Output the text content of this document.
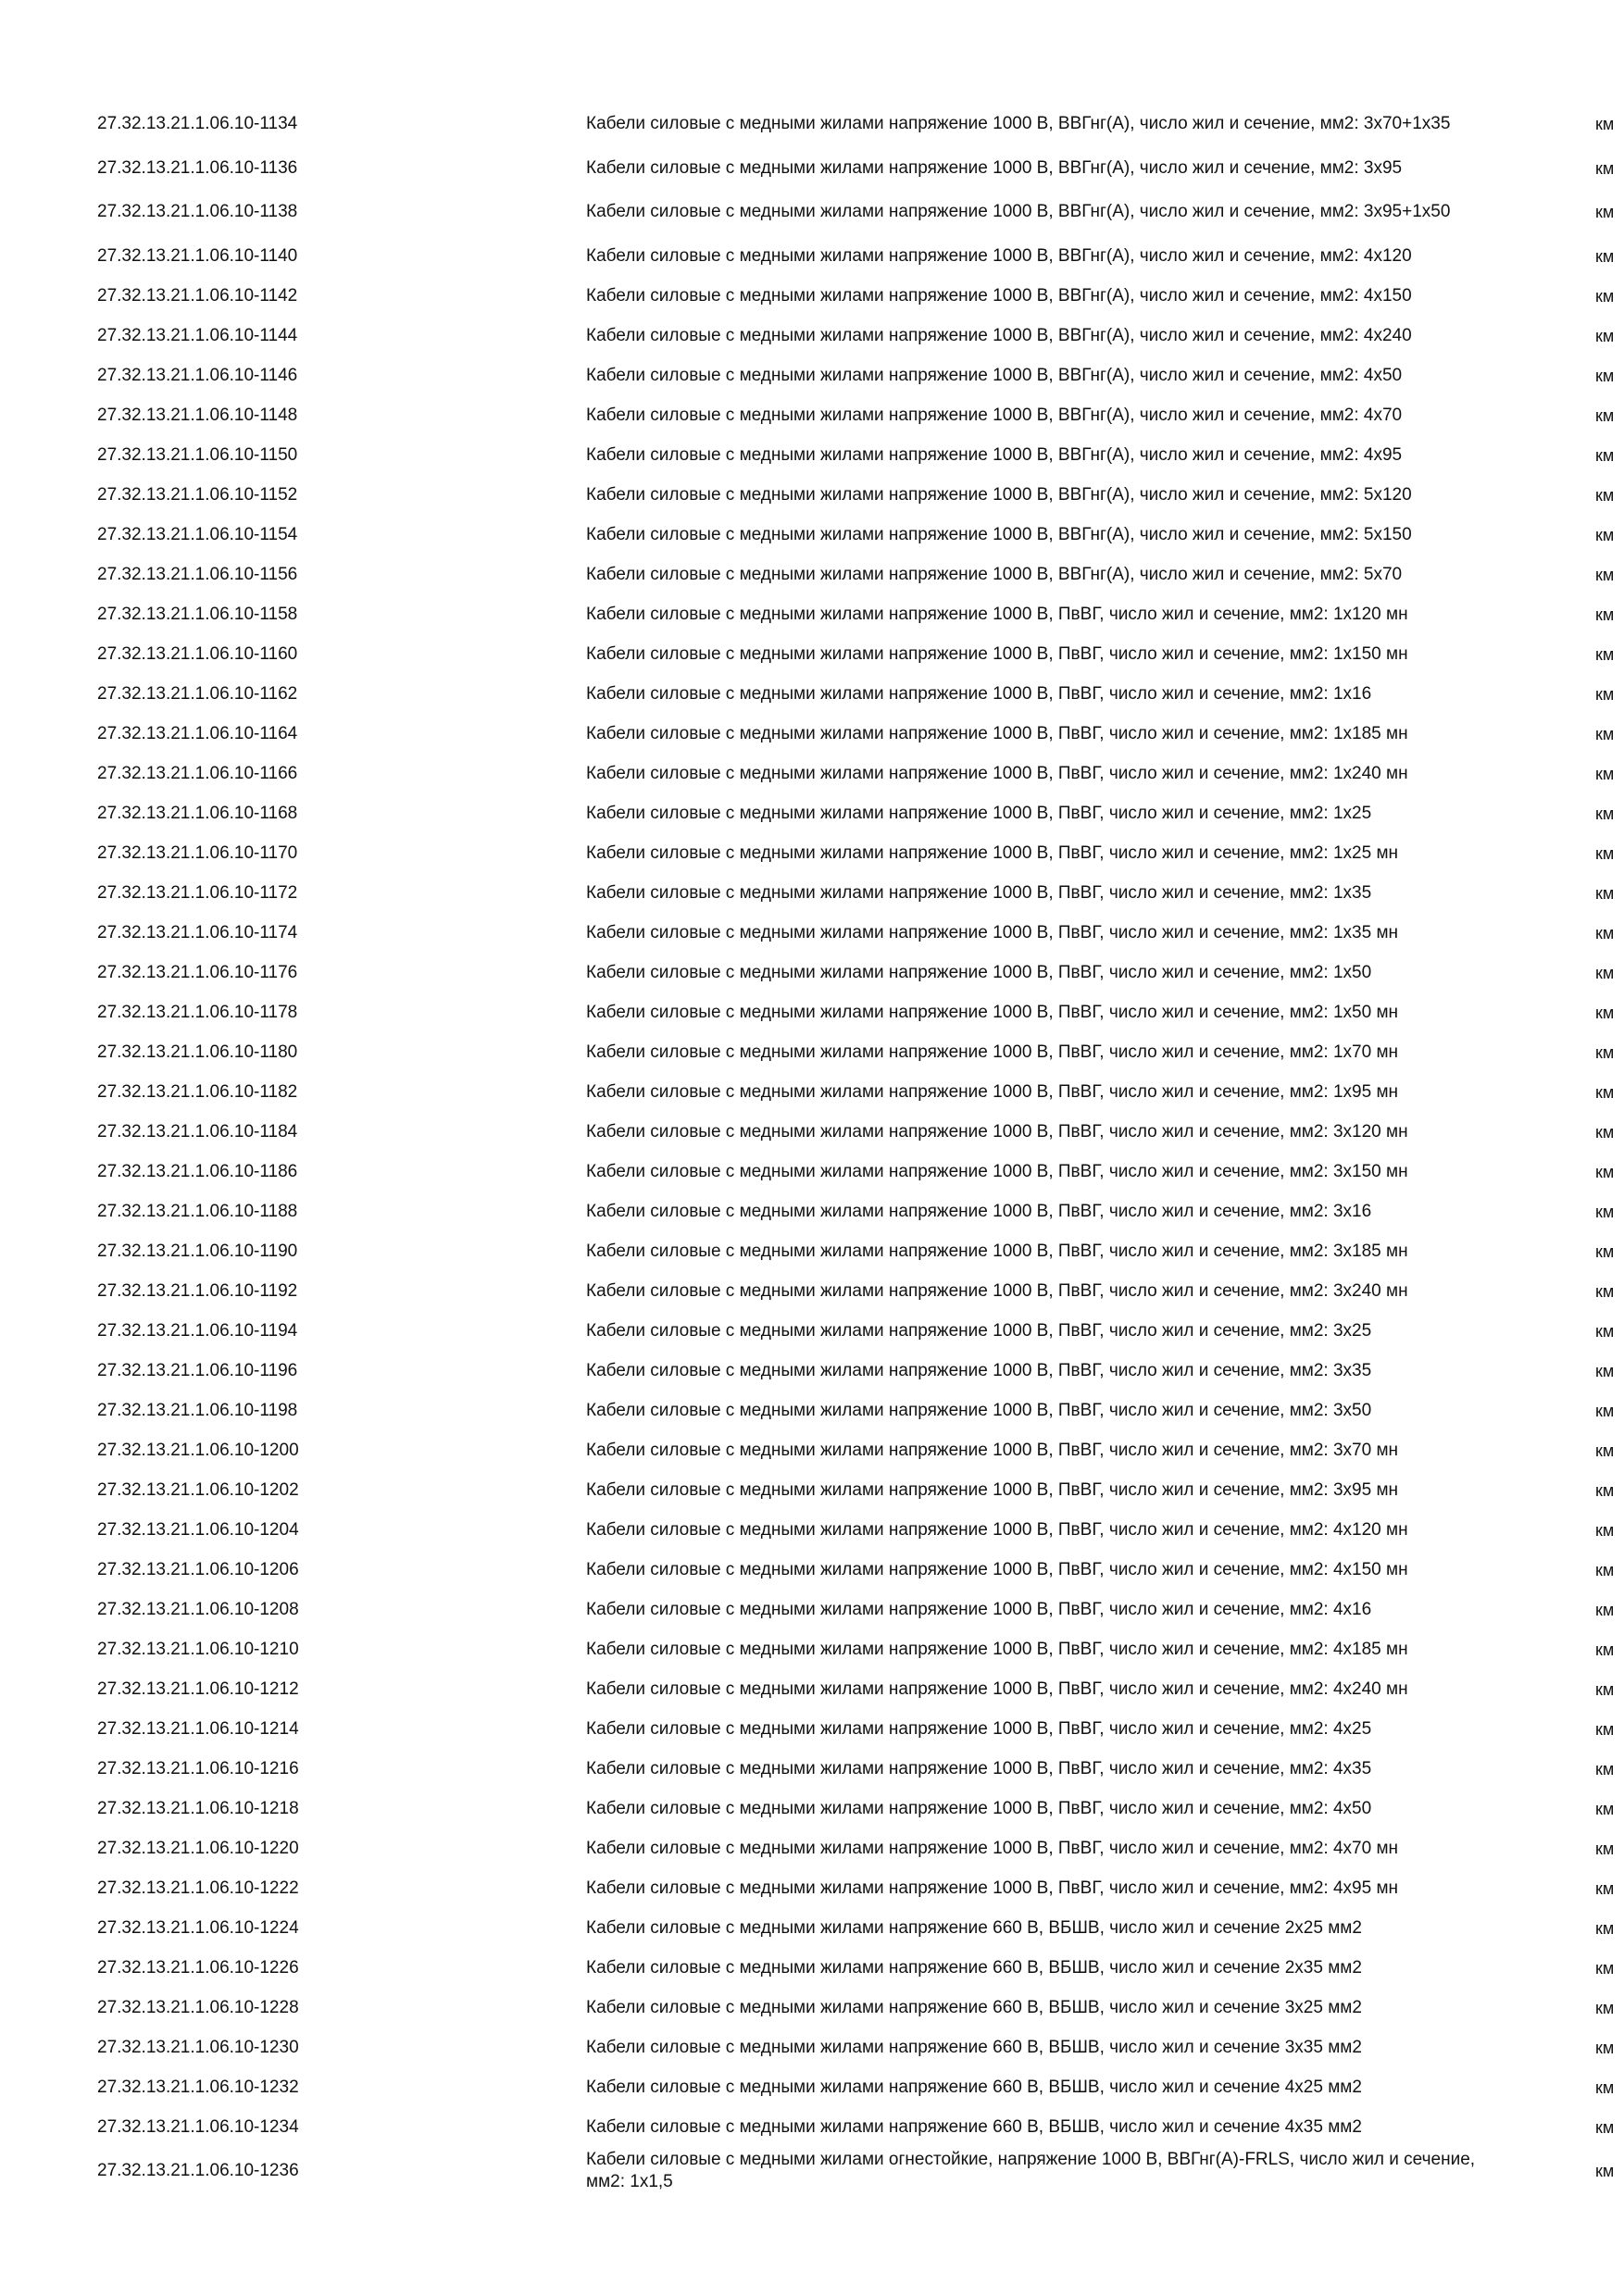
27.32.13.21.1.06.10-1134	Кабели силовые с медными жилами напряжение 1000 В, ВВГнг(А), число жил и сечение, мм2: 3х70+1х35	км
27.32.13.21.1.06.10-1136	Кабели силовые с медными жилами напряжение 1000 В, ВВГнг(А), число жил и сечение, мм2: 3х95	км
27.32.13.21.1.06.10-1138	Кабели силовые с медными жилами напряжение 1000 В, ВВГнг(А), число жил и сечение, мм2: 3х95+1х50	км
27.32.13.21.1.06.10-1140	Кабели силовые с медными жилами напряжение 1000 В, ВВГнг(А), число жил и сечение, мм2: 4х120	км
27.32.13.21.1.06.10-1142	Кабели силовые с медными жилами напряжение 1000 В, ВВГнг(А), число жил и сечение, мм2: 4х150	км
27.32.13.21.1.06.10-1144	Кабели силовые с медными жилами напряжение 1000 В, ВВГнг(А), число жил и сечение, мм2: 4х240	км
27.32.13.21.1.06.10-1146	Кабели силовые с медными жилами напряжение 1000 В, ВВГнг(А), число жил и сечение, мм2: 4х50	км
27.32.13.21.1.06.10-1148	Кабели силовые с медными жилами напряжение 1000 В, ВВГнг(А), число жил и сечение, мм2: 4х70	км
27.32.13.21.1.06.10-1150	Кабели силовые с медными жилами напряжение 1000 В, ВВГнг(А), число жил и сечение, мм2: 4х95	км
27.32.13.21.1.06.10-1152	Кабели силовые с медными жилами напряжение 1000 В, ВВГнг(А), число жил и сечение, мм2: 5х120	км
27.32.13.21.1.06.10-1154	Кабели силовые с медными жилами напряжение 1000 В, ВВГнг(А), число жил и сечение, мм2: 5х150	км
27.32.13.21.1.06.10-1156	Кабели силовые с медными жилами напряжение 1000 В, ВВГнг(А), число жил и сечение, мм2: 5х70	км
27.32.13.21.1.06.10-1158	Кабели силовые с медными жилами напряжение 1000 В, ПвВГ, число жил и сечение, мм2: 1х120 мн	км
27.32.13.21.1.06.10-1160	Кабели силовые с медными жилами напряжение 1000 В, ПвВГ, число жил и сечение, мм2: 1х150 мн	км
27.32.13.21.1.06.10-1162	Кабели силовые с медными жилами напряжение 1000 В, ПвВГ, число жил и сечение, мм2: 1х16	км
27.32.13.21.1.06.10-1164	Кабели силовые с медными жилами напряжение 1000 В, ПвВГ, число жил и сечение, мм2: 1х185 мн	км
27.32.13.21.1.06.10-1166	Кабели силовые с медными жилами напряжение 1000 В, ПвВГ, число жил и сечение, мм2: 1х240 мн	км
27.32.13.21.1.06.10-1168	Кабели силовые с медными жилами напряжение 1000 В, ПвВГ, число жил и сечение, мм2: 1х25	км
27.32.13.21.1.06.10-1170	Кабели силовые с медными жилами напряжение 1000 В, ПвВГ, число жил и сечение, мм2: 1х25 мн	км
27.32.13.21.1.06.10-1172	Кабели силовые с медными жилами напряжение 1000 В, ПвВГ, число жил и сечение, мм2: 1х35	км
27.32.13.21.1.06.10-1174	Кабели силовые с медными жилами напряжение 1000 В, ПвВГ, число жил и сечение, мм2: 1х35 мн	км
27.32.13.21.1.06.10-1176	Кабели силовые с медными жилами напряжение 1000 В, ПвВГ, число жил и сечение, мм2: 1х50	км
27.32.13.21.1.06.10-1178	Кабели силовые с медными жилами напряжение 1000 В, ПвВГ, число жил и сечение, мм2: 1х50 мн	км
27.32.13.21.1.06.10-1180	Кабели силовые с медными жилами напряжение 1000 В, ПвВГ, число жил и сечение, мм2: 1х70 мн	км
27.32.13.21.1.06.10-1182	Кабели силовые с медными жилами напряжение 1000 В, ПвВГ, число жил и сечение, мм2: 1х95 мн	км
27.32.13.21.1.06.10-1184	Кабели силовые с медными жилами напряжение 1000 В, ПвВГ, число жил и сечение, мм2: 3х120 мн	км
27.32.13.21.1.06.10-1186	Кабели силовые с медными жилами напряжение 1000 В, ПвВГ, число жил и сечение, мм2: 3х150 мн	км
27.32.13.21.1.06.10-1188	Кабели силовые с медными жилами напряжение 1000 В, ПвВГ, число жил и сечение, мм2: 3х16	км
27.32.13.21.1.06.10-1190	Кабели силовые с медными жилами напряжение 1000 В, ПвВГ, число жил и сечение, мм2: 3х185 мн	км
27.32.13.21.1.06.10-1192	Кабели силовые с медными жилами напряжение 1000 В, ПвВГ, число жил и сечение, мм2: 3х240 мн	км
27.32.13.21.1.06.10-1194	Кабели силовые с медными жилами напряжение 1000 В, ПвВГ, число жил и сечение, мм2: 3х25	км
27.32.13.21.1.06.10-1196	Кабели силовые с медными жилами напряжение 1000 В, ПвВГ, число жил и сечение, мм2: 3х35	км
27.32.13.21.1.06.10-1198	Кабели силовые с медными жилами напряжение 1000 В, ПвВГ, число жил и сечение, мм2: 3х50	км
27.32.13.21.1.06.10-1200	Кабели силовые с медными жилами напряжение 1000 В, ПвВГ, число жил и сечение, мм2: 3х70 мн	км
27.32.13.21.1.06.10-1202	Кабели силовые с медными жилами напряжение 1000 В, ПвВГ, число жил и сечение, мм2: 3х95 мн	км
27.32.13.21.1.06.10-1204	Кабели силовые с медными жилами напряжение 1000 В, ПвВГ, число жил и сечение, мм2: 4х120 мн	км
27.32.13.21.1.06.10-1206	Кабели силовые с медными жилами напряжение 1000 В, ПвВГ, число жил и сечение, мм2: 4х150 мн	км
27.32.13.21.1.06.10-1208	Кабели силовые с медными жилами напряжение 1000 В, ПвВГ, число жил и сечение, мм2: 4х16	км
27.32.13.21.1.06.10-1210	Кабели силовые с медными жилами напряжение 1000 В, ПвВГ, число жил и сечение, мм2: 4х185 мн	км
27.32.13.21.1.06.10-1212	Кабели силовые с медными жилами напряжение 1000 В, ПвВГ, число жил и сечение, мм2: 4х240 мн	км
27.32.13.21.1.06.10-1214	Кабели силовые с медными жилами напряжение 1000 В, ПвВГ, число жил и сечение, мм2: 4х25	км
27.32.13.21.1.06.10-1216	Кабели силовые с медными жилами напряжение 1000 В, ПвВГ, число жил и сечение, мм2: 4х35	км
27.32.13.21.1.06.10-1218	Кабели силовые с медными жилами напряжение 1000 В, ПвВГ, число жил и сечение, мм2: 4х50	км
27.32.13.21.1.06.10-1220	Кабели силовые с медными жилами напряжение 1000 В, ПвВГ, число жил и сечение, мм2: 4х70 мн	км
27.32.13.21.1.06.10-1222	Кабели силовые с медными жилами напряжение 1000 В, ПвВГ, число жил и сечение, мм2: 4х95 мн	км
27.32.13.21.1.06.10-1224	Кабели силовые с медными жилами напряжение 660 В, ВБШВ, число жил и сечение 2х25 мм2	км
27.32.13.21.1.06.10-1226	Кабели силовые с медными жилами напряжение 660 В, ВБШВ, число жил и сечение 2х35 мм2	км
27.32.13.21.1.06.10-1228	Кабели силовые с медными жилами напряжение 660 В, ВБШВ, число жил и сечение 3х25 мм2	км
27.32.13.21.1.06.10-1230	Кабели силовые с медными жилами напряжение 660 В, ВБШВ, число жил и сечение 3х35 мм2	км
27.32.13.21.1.06.10-1232	Кабели силовые с медными жилами напряжение 660 В, ВБШВ, число жил и сечение 4х25 мм2	км
27.32.13.21.1.06.10-1234	Кабели силовые с медными жилами напряжение 660 В, ВБШВ, число жил и сечение 4х35 мм2	км
27.32.13.21.1.06.10-1236	Кабели силовые с медными жилами огнестойкие, напряжение 1000 В, ВВГнг(А)-FRLS, число жил и сечение, мм2: 1х1,5	км
